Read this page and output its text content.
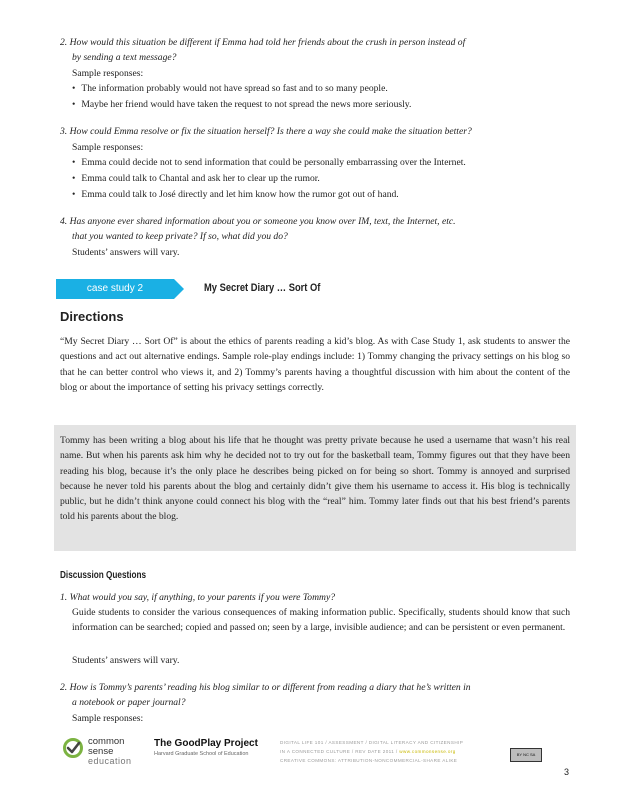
2. How would this situation be different if Emma had told her friends about the crush in person instead of
by sending a text message?
Sample responses:
• The information probably would not have spread so fast and to so many people.
• Maybe her friend would have taken the request to not spread the news more seriously.
3. How could Emma resolve or fix the situation herself? Is there a way she could make the situation better?
Sample responses:
• Emma could decide not to send information that could be personally embarrassing over the Internet.
• Emma could talk to Chantal and ask her to clear up the rumor.
• Emma could talk to José directly and let him know how the rumor got out of hand.
4. Has anyone ever shared information about you or someone you know over IM, text, the Internet, etc.
that you wanted to keep private? If so, what did you do?
Students’ answers will vary.
case study 2	My Secret Diary … Sort Of
Directions
“My Secret Diary … Sort Of” is about the ethics of parents reading a kid’s blog. As with Case Study 1, ask students to answer the questions and act out alternative endings. Sample role-play endings include: 1) Tommy changing the privacy settings on his blog so that he can better control who views it, and 2) Tommy’s parents having a thoughtful discussion with him about the content of the blog or about the importance of setting his privacy settings correctly.
Tommy has been writing a blog about his life that he thought was pretty private because he used a username that wasn’t his real name. But when his parents ask him why he decided not to try out for the basketball team, Tommy figures out that they have been reading his blog, because it’s the only place he describes being picked on for being so short. Tommy is annoyed and surprised because he never told his parents about the blog and certainly didn’t give them his username to access it. His blog is technically public, but he didn’t think anyone could connect his blog with the “real” him. Tommy later finds out that his best friend’s parents told his parents about the blog.
Discussion Questions
1. What would you say, if anything, to your parents if you were Tommy?
Guide students to consider the various consequences of making information public. Specifically, students should know that such information can be searched; copied and passed on; seen by a large, invisible audience; and can be persistent or even permanent.
Students’ answers will vary.
2. How is Tommy’s parents’ reading his blog similar to or different from reading a diary that he’s written in
a notebook or paper journal?
Sample responses:
common
sense
education
The GoodPlay Project
Harvard Graduate School of Education
DIGITAL LIFE 101 / ASSESSMENT / DIGITAL LITERACY AND CITIZENSHIP
IN A CONNECTED CULTURE / REV DATE 2011 / www.commonsense.org
CREATIVE COMMONS: ATTRIBUTION-NONCOMMERCIAL-SHARE ALIKE
BY NC SA
3
